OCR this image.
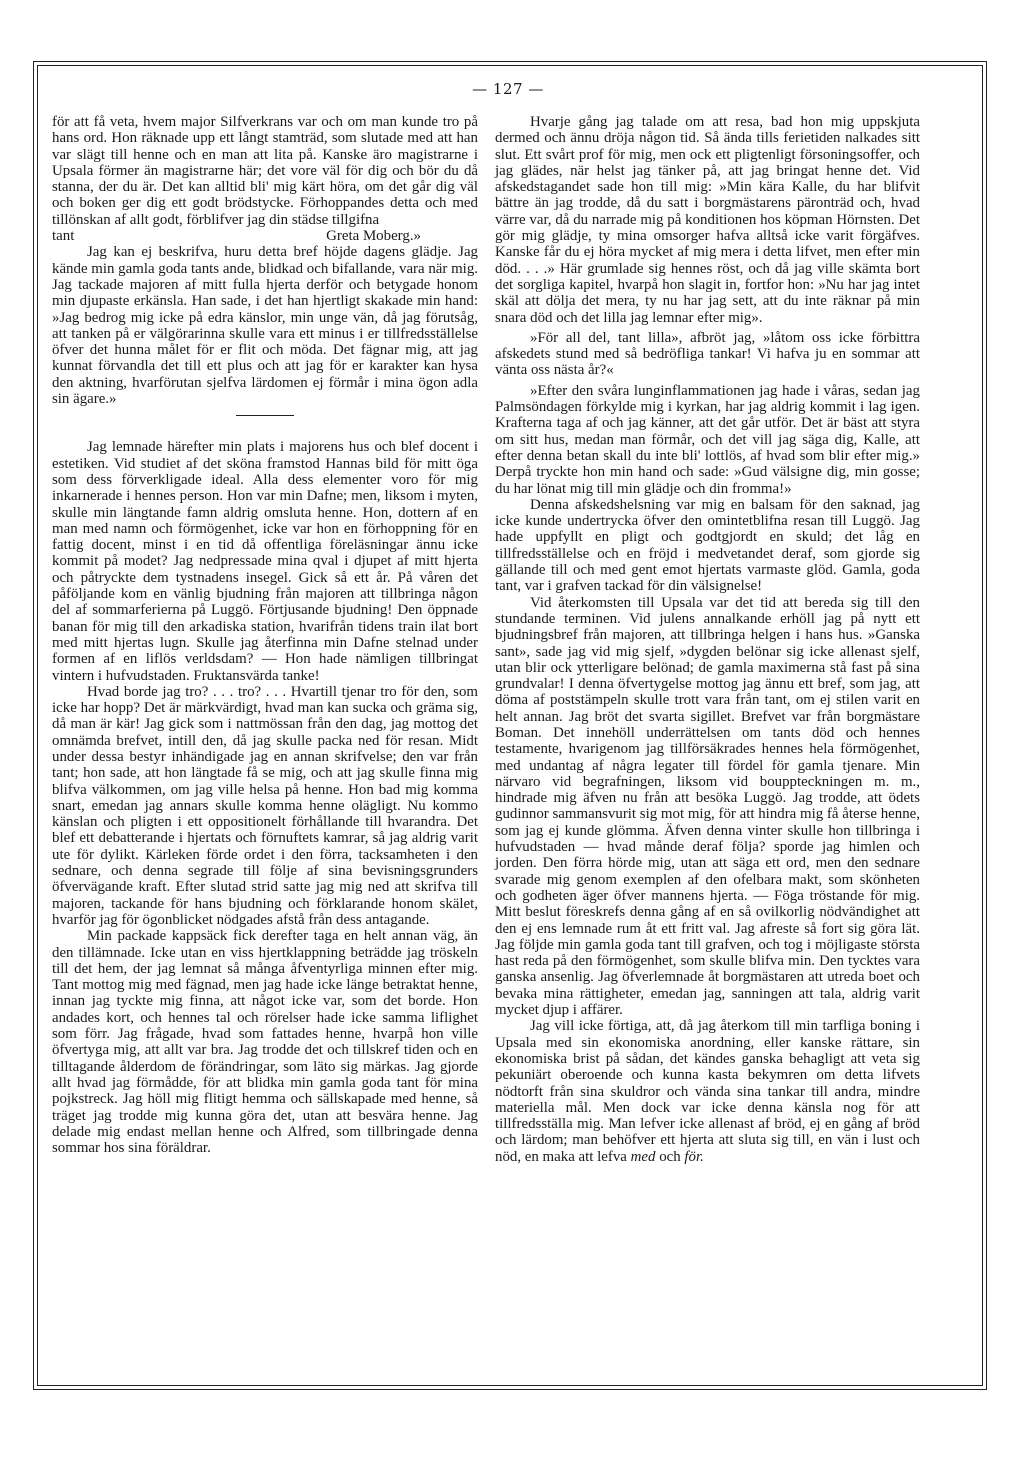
— 127 —

för att få veta, hvem major Silfverkrans var och om man kunde tro på hans ord. Hon räknade upp ett långt stamträd, som slutade med att han var slägt till henne och en man att lita på. Kanske äro magistrarne i Upsala förmer än magistrarne här; det vore väl för dig och bör du då stanna, der du är. Det kan alltid bli' mig kärt höra, om det går dig väl och boken ger dig ett godt brödstycke. Förhoppandes detta och med tillönskan af allt godt, förblifver jag din städse tillgifna

tant	Greta Moberg.»

Jag kan ej beskrifva, huru detta bref höjde dagens glädje. Jag kände min gamla goda tants ande, blidkad och bifallande, vara när mig. Jag tackade majoren af mitt fulla hjerta derför och betygade honom min djupaste erkänsla. Han sade, i det han hjertligt skakade min hand: »Jag bedrog mig icke på edra känslor, min unge vän, då jag förutsåg, att tanken på er välgörarinna skulle vara ett minus i er tillfredsställelse öfver det hunna målet för er flit och möda. Det fägnar mig, att jag kunnat förvandla det till ett plus och att jag för er karakter kan hysa den aktning, hvarförutan sjelfva lärdomen ej förmår i mina ögon adla sin ägare.»

Jag lemnade härefter min plats i majorens hus och blef docent i estetiken. Vid studiet af det sköna framstod Hannas bild för mitt öga som dess förverkligade ideal. Alla dess elementer voro för mig inkarnerade i hennes person. Hon var min Dafne; men, liksom i myten, skulle min längtande famn aldrig omsluta henne. Hon, dottern af en man med namn och förmögenhet, icke var hon en förhoppning för en fattig docent, minst i en tid då offentliga föreläsningar ännu icke kommit på modet? Jag nedpressade mina qval i djupet af mitt hjerta och påtryckte dem tystnadens insegel. Gick så ett år. På våren det påföljande kom en vänlig bjudning från majoren att tillbringa någon del af sommarferierna på Luggö. Förtjusande bjudning! Den öppnade banan för mig till den arkadiska station, hvarifrån tidens train ilat bort med mitt hjertas lugn. Skulle jag återfinna min Dafne stelnad under formen af en liflös verldsdam? — Hon hade nämligen tillbringat vintern i hufvudstaden. Fruktansvärda tanke!

Hvad borde jag tro? . . . tro? . . . Hvartill tjenar tro för den, som icke har hopp? Det är märkvärdigt, hvad man kan sucka och gräma sig, då man är kär! Jag gick som i nattmössan från den dag, jag mottog det omnämda brefvet, intill den, då jag skulle packa ned för resan. Midt under dessa bestyr inhändigade jag en annan skrifvelse; den var från tant; hon sade, att hon längtade få se mig, och att jag skulle finna mig blifva välkommen, om jag ville helsa på henne. Hon bad mig komma snart, emedan jag annars skulle komma henne olägligt. Nu kommo känslan och pligten i ett oppositionelt förhållande till hvarandra. Det blef ett debatterande i hjertats och förnuftets kamrar, så jag aldrig varit ute för dylikt. Kärleken förde ordet i den förra, tacksamheten i den sednare, och denna segrade till följe af sina bevisningsgrunders öfvervägande kraft. Efter slutad strid satte jag mig ned att skrifva till majoren, tackande för hans bjudning och förklarande honom skälet, hvarför jag för ögonblicket nödgades afstå från dess antagande.

Min packade kappsäck fick derefter taga en helt annan väg, än den tillämnade. Icke utan en viss hjertklappning beträdde jag tröskeln till det hem, der jag lemnat så många åfventyrliga minnen efter mig. Tant mottog mig med fägnad, men jag hade icke länge betraktat henne, innan jag tyckte mig finna, att något icke var, som det borde. Hon andades kort, och hennes tal och rörelser hade icke samma liflighet som förr. Jag frågade, hvad som fattades henne, hvarpå hon ville öfvertyga mig, att allt var bra. Jag trodde det och tillskref tiden och en tilltagande ålderdom de förändringar, som läto sig märkas. Jag gjorde allt hvad jag förmådde, för att blidka min gamla goda tant för mina pojkstreck. Jag höll mig flitigt hemma och sällskapade med henne, så träget jag trodde mig kunna göra det, utan att besvära henne. Jag delade mig endast mellan henne och Alfred, som tillbringade denna sommar hos sina föräldrar.

Hvarje gång jag talade om att resa, bad hon mig uppskjuta dermed och ännu dröja någon tid. Så ända tills ferietiden nalkades sitt slut. Ett svårt prof för mig, men ock ett pligtenligt försoningsoffer, och jag glädes, när helst jag tänker på, att jag bringat henne det. Vid afskedstagandet sade hon till mig: »Min kära Kalle, du har blifvit bättre än jag trodde, då du satt i borgmästarens päronträd och, hvad värre var, då du narrade mig på konditionen hos köpman Hörnsten. Det gör mig glädje, ty mina omsorger hafva alltså icke varit förgäfves. Kanske får du ej höra mycket af mig mera i detta lifvet, men efter min död. . . .» Här grumlade sig hennes röst, och då jag ville skämta bort det sorgliga kapitel, hvarpå hon slagit in, fortfor hon: »Nu har jag intet skäl att dölja det mera, ty nu har jag sett, att du inte räknar på min snara död och det lilla jag lemnar efter mig».

»För all del, tant lilla», afbröt jag, »låtom oss icke förbittra afskedets stund med så bedröfliga tankar! Vi hafva ju en sommar att vänta oss nästa år?«

»Efter den svåra lunginflammationen jag hade i våras, sedan jag Palmsöndagen förkylde mig i kyrkan, har jag aldrig kommit i lag igen. Krafterna taga af och jag känner, att det går utför. Det är bäst att styra om sitt hus, medan man förmår, och det vill jag säga dig, Kalle, att efter denna betan skall du inte bli' lottlös, af hvad som blir efter mig.» Derpå tryckte hon min hand och sade: »Gud välsigne dig, min gosse; du har lönat mig till min glädje och din fromma!»

Denna afskedshelsning var mig en balsam för den saknad, jag icke kunde undertrycka öfver den omintetblifna resan till Luggö. Jag hade uppfyllt en pligt och godtgjordt en skuld; det låg en tillfredsställelse och en fröjd i medvetandet deraf, som gjorde sig gällande till och med gent emot hjertats varmaste glöd. Gamla, goda tant, var i grafven tackad för din välsignelse!

Vid återkomsten till Upsala var det tid att bereda sig till den stundande terminen. Vid julens annalkande erhöll jag på nytt ett bjudningsbref från majoren, att tillbringa helgen i hans hus. »Ganska sant», sade jag vid mig sjelf, »dygden belönar sig icke allenast sjelf, utan blir ock ytterligare belönad; de gamla maximerna stå fast på sina grundvalar! I denna öfvertygelse mottog jag ännu ett bref, som jag, att döma af poststämpeln skulle trott vara från tant, om ej stilen varit en helt annan. Jag bröt det svarta sigillet. Brefvet var från borgmästare Boman. Det innehöll underrättelsen om tants död och hennes testamente, hvarigenom jag tillförsäkrades hennes hela förmögenhet, med undantag af några legater till fördel för gamla tjenare. Min närvaro vid begrafningen, liksom vid bouppteckningen m. m., hindrade mig äfven nu från att besöka Luggö. Jag trodde, att ödets gudinnor sammansvurit sig mot mig, för att hindra mig få återse henne, som jag ej kunde glömma. Äfven denna vinter skulle hon tillbringa i hufvudstaden — hvad månde deraf följa? sporde jag himlen och jorden. Den förra hörde mig, utan att säga ett ord, men den sednare svarade mig genom exemplen af den ofelbara makt, som skönheten och godheten äger öfver mannens hjerta. — Föga tröstande för mig. Mitt beslut föreskrefs denna gång af en så ovilkorlig nödvändighet att den ej ens lemnade rum åt ett fritt val. Jag afreste så fort sig göra lät. Jag följde min gamla goda tant till grafven, och tog i möjligaste största hast reda på den förmögenhet, som skulle blifva min. Den tycktes vara ganska ansenlig. Jag öfverlemnade åt borgmästaren att utreda boet och bevaka mina rättigheter, emedan jag, sanningen att tala, aldrig varit mycket djup i affärer.

Jag vill icke förtiga, att, då jag återkom till min tarfliga boning i Upsala med sin ekonomiska anordning, eller kanske rättare, sin ekonomiska brist på sådan, det kändes ganska behagligt att veta sig pekuniärt oberoende och kunna kasta bekymren om detta lifvets nödtorft från sina skuldror och vända sina tankar till andra, mindre materiella mål. Men dock var icke denna känsla nog för att tillfredsställa mig. Man lefver icke allenast af bröd, ej en gång af bröd och lärdom; man behöfver ett hjerta att sluta sig till, en vän i lust och nöd, en maka att lefva med och för.
